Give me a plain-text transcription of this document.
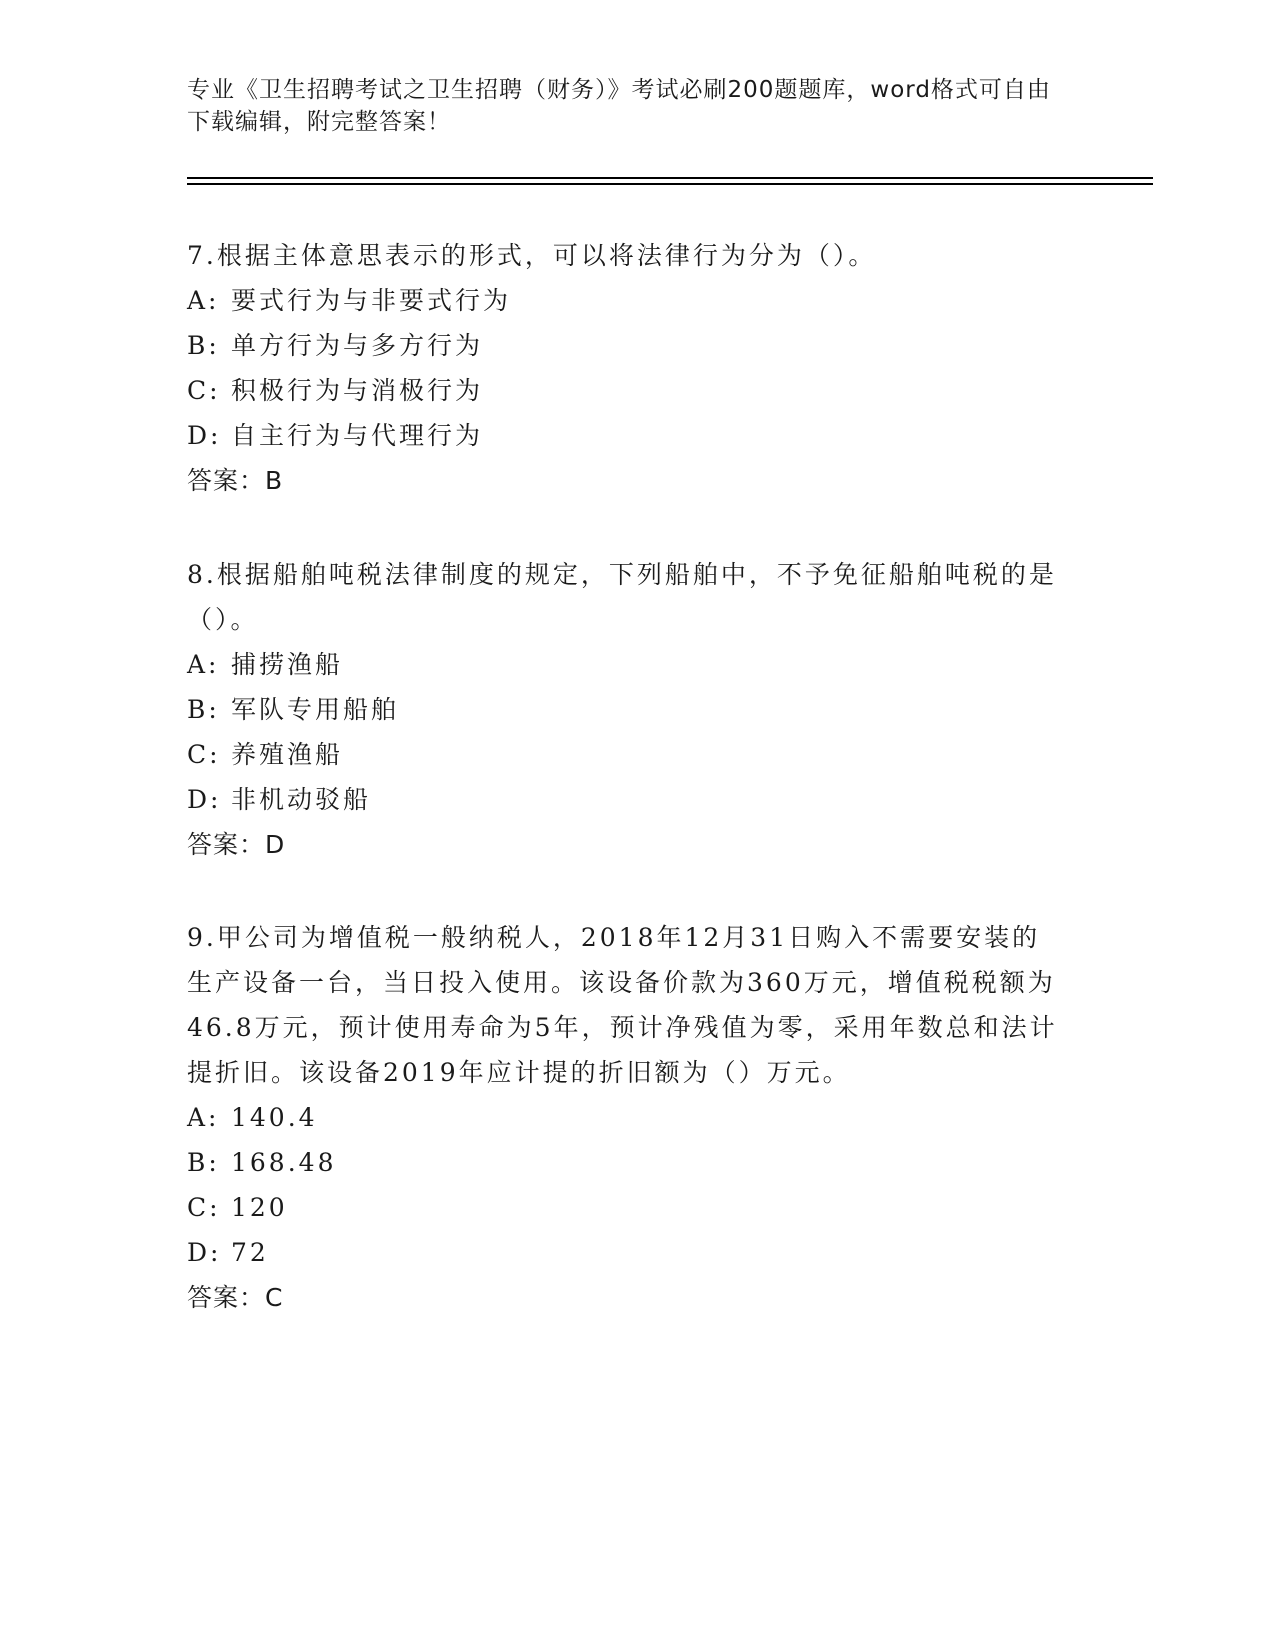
专业《卫生招聘考试之卫生招聘（财务）》考试必刷200题题库，word格式可自由下载编辑，附完整答案！

7.根据主体意思表示的形式，可以将法律行为分为（）。

A: 要式行为与非要式行为
B: 单方行为与多方行为
C: 积极行为与消极行为
D: 自主行为与代理行为
答案：B

8.根据船舶吨税法律制度的规定，下列船舶中，不予免征船舶吨税的是（）。

A: 捕捞渔船
B: 军队专用船舶
C: 养殖渔船
D: 非机动驳船
答案：D

9.甲公司为增值税一般纳税人，2018年12月31日购入不需要安装的生产设备一台，当日投入使用。该设备价款为360万元，增值税税额为46.8万元，预计使用寿命为5年，预计净残值为零，采用年数总和法计提折旧。该设备2019年应计提的折旧额为（）万元。

A: 140.4
B: 168.48
C: 120
D: 72
答案：C
